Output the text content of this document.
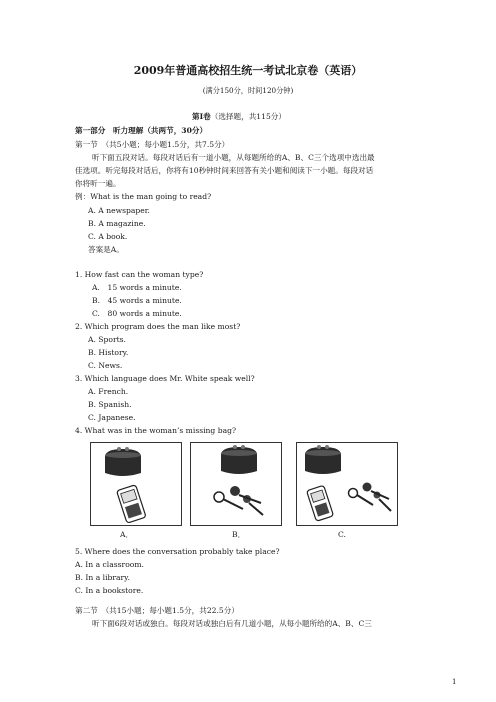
2009年普通高校招生统一考试北京卷（英语）
(满分150分，时间120分钟)
第I卷（选择题，共115分）
第一部分　听力理解（共两节，30分）
第一节　（共5小题；每小题1.5分，共7.5分）
听下面五段对话。每段对话后有一道小题，从每题所给的A、B、C三个选项中选出最
佳选项。听完每段对话后，你将有10秒钟时间来回答有关小题和阅读下一小题。每段对话
你将听一遍。
例：What is the man going to read?
A. A newspaper.
B. A magazine.
C. A book.
答案是A。
1. How fast can the woman type?
A.　15 words a minute.
B.　45 words a minute.
C.　80 words a minute.
2. Which program does the man like most?
A. Sports.
B. History.
C. News.
3. Which language does Mr. White speak well?
A. French.
B. Spanish.
C. Japanese.
4. What was in the woman’s missing bag?
A．	B．	C.
5. Where does the conversation probably take place?
A. In a classroom.
B. In a library.
C. In a bookstore.
第二节　（共15小题；每小题1.5分，共22.5分）
听下面6段对话或独白。每段对话或独白后有几道小题，从每小题所给的A、B、C三
1
